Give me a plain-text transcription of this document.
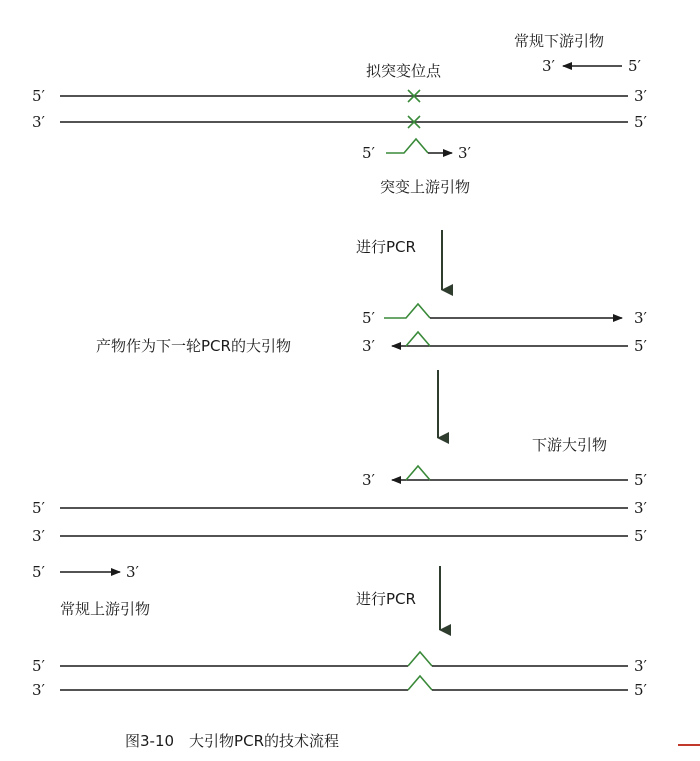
常规下游引物
3′	5′
拟突变位点
5′	3′
3′	5′
5′	3′
突变上游引物
进行PCR
5′	3′
产物作为下一轮PCR的大引物	3′	5′
下游大引物
3′	5′
5′	3′
3′	5′
5′	3′
进行PCR
常规上游引物
5′	3′
3′	5′
图3-10　大引物PCR的技术流程
